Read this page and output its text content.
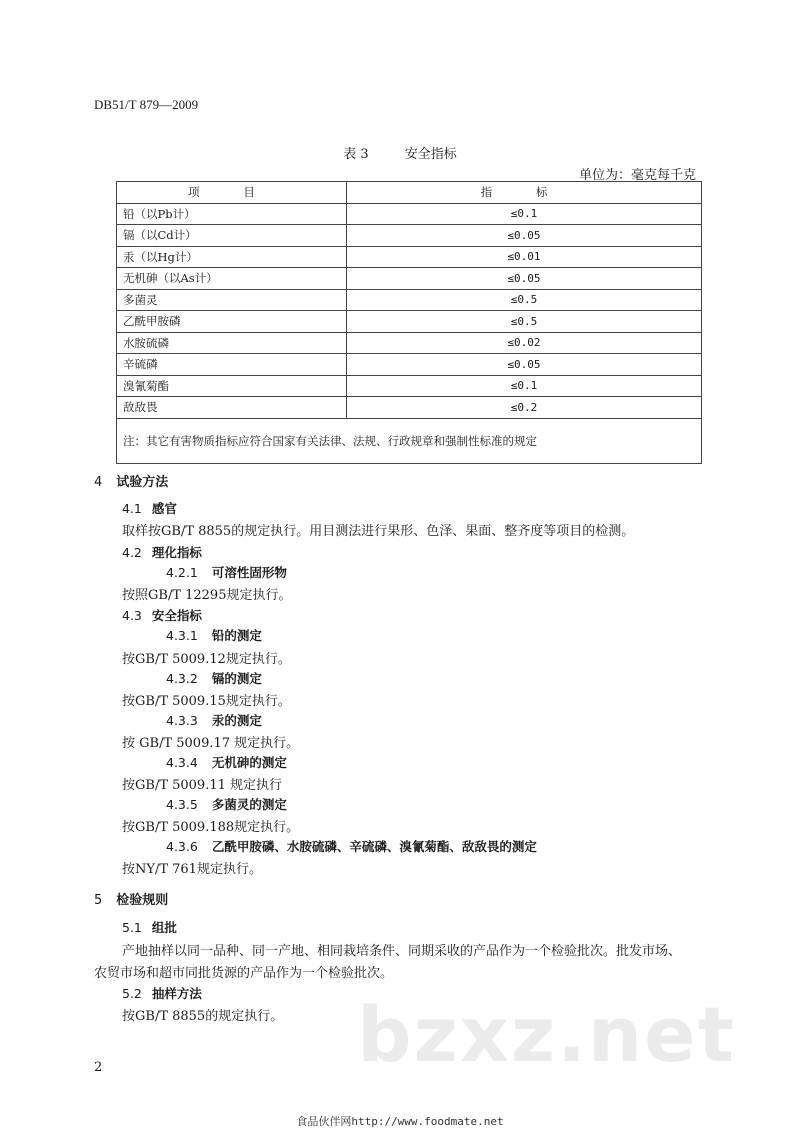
DB51/T 879—2009
表 3	安全指标
单位为：毫克每千克
项 目	指 标
铅（以Pb计）	≤0.1
镉（以Cd计）	≤0.05
汞（以Hg计）	≤0.01
无机砷（以As计）	≤0.05
多菌灵	≤0.5
乙酰甲胺磷	≤0.5
水胺硫磷	≤0.02
辛硫磷	≤0.05
溴氰菊酯	≤0.1
敌敌畏	≤0.2
注：其它有害物质指标应符合国家有关法律、法规、行政规章和强制性标准的规定	
4 试验方法
4.1 感官
取样按GB/T 8855的规定执行。用目测法进行果形、色泽、果面、整齐度等项目的检测。
4.2 理化指标
4.2.1 可溶性固形物
按照GB/T 12295规定执行。
4.3 安全指标
4.3.1 铅的测定
按GB/T 5009.12规定执行。
4.3.2 镉的测定
按GB/T 5009.15规定执行。
4.3.3 汞的测定
按 GB/T 5009.17 规定执行。
4.3.4 无机砷的测定
按GB/T 5009.11 规定执行
4.3.5 多菌灵的测定
按GB/T 5009.188规定执行。
4.3.6 乙酰甲胺磷、水胺硫磷、辛硫磷、溴氰菊酯、敌敌畏的测定
按NY/T 761规定执行。
5 检验规则
5.1 组批
产地抽样以同一品种、同一产地、相同栽培条件、同期采收的产品作为一个检验批次。批发市场、
农贸市场和超市同批货源的产品作为一个检验批次。
5.2 抽样方法
按GB/T 8855的规定执行。 bzxz.net
2
食品伙伴网http://www.foodmate.net
